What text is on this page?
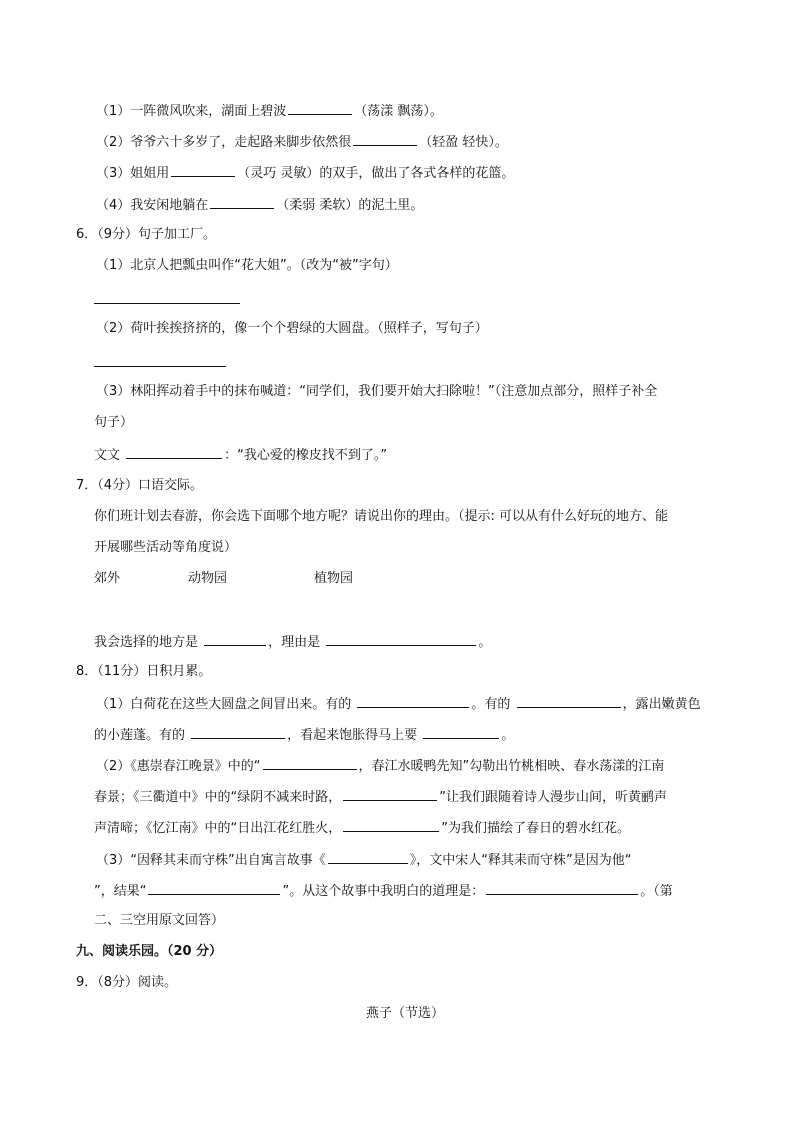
（1）一阵微风吹来，湖面上碧波	（荡漾 飘荡）。
（2）爷爷六十多岁了，走起路来脚步依然很	（轻盈 轻快）。
（3）姐姐用	（灵巧 灵敏）的双手，做出了各式各样的花篮。
（4）我安闲地躺在	（柔弱 柔软）的泥土里。
6．（9分）句子加工厂。
（1）北京人把瓢虫叫作“花大姐”。（改为“被”字句）
（2）荷叶挨挨挤挤的，像一个个碧绿的大圆盘。（照样子，写句子）
（3）林阳挥动着手中的抹布喊道：“同学们，我们要开始大扫除啦！”（注意加点部分，照样子补全
句子）
文文	：“我心爱的橡皮找不到了。”
7．（4分）口语交际。
你们班计划去春游，你会选下面哪个地方呢？请说出你的理由。（提示: 可以从有什么好玩的地方、能
开展哪些活动等角度说）
郊外	动物园	植物园
我会选择的地方是	，理由是	。
8．（11分）日积月累。
（1）白荷花在这些大圆盘之间冒出来。有的	。有的	，露出嫩黄色
的小莲蓬。有的	，看起来饱胀得马上要	。
（2）《惠崇春江晚景》中的“	，春江水暖鸭先知”勾勒出竹桃相映、春水荡漾的江南
春景；《三衢道中》中的“绿阴不减来时路，	”让我们跟随着诗人漫步山间，听黄鹂声
声清啼；《忆江南》中的“日出江花红胜火，	”为我们描绘了春日的碧水红花。
（3）“因释其耒而守株”出自寓言故事《	》，文中宋人“释其耒而守株”是因为他“
”，结果“	”。从这个故事中我明白的道理是：	。（第
二、三空用原文回答）
九、阅读乐园。（20 分）
9．（8分）阅读。
燕子（节选）
